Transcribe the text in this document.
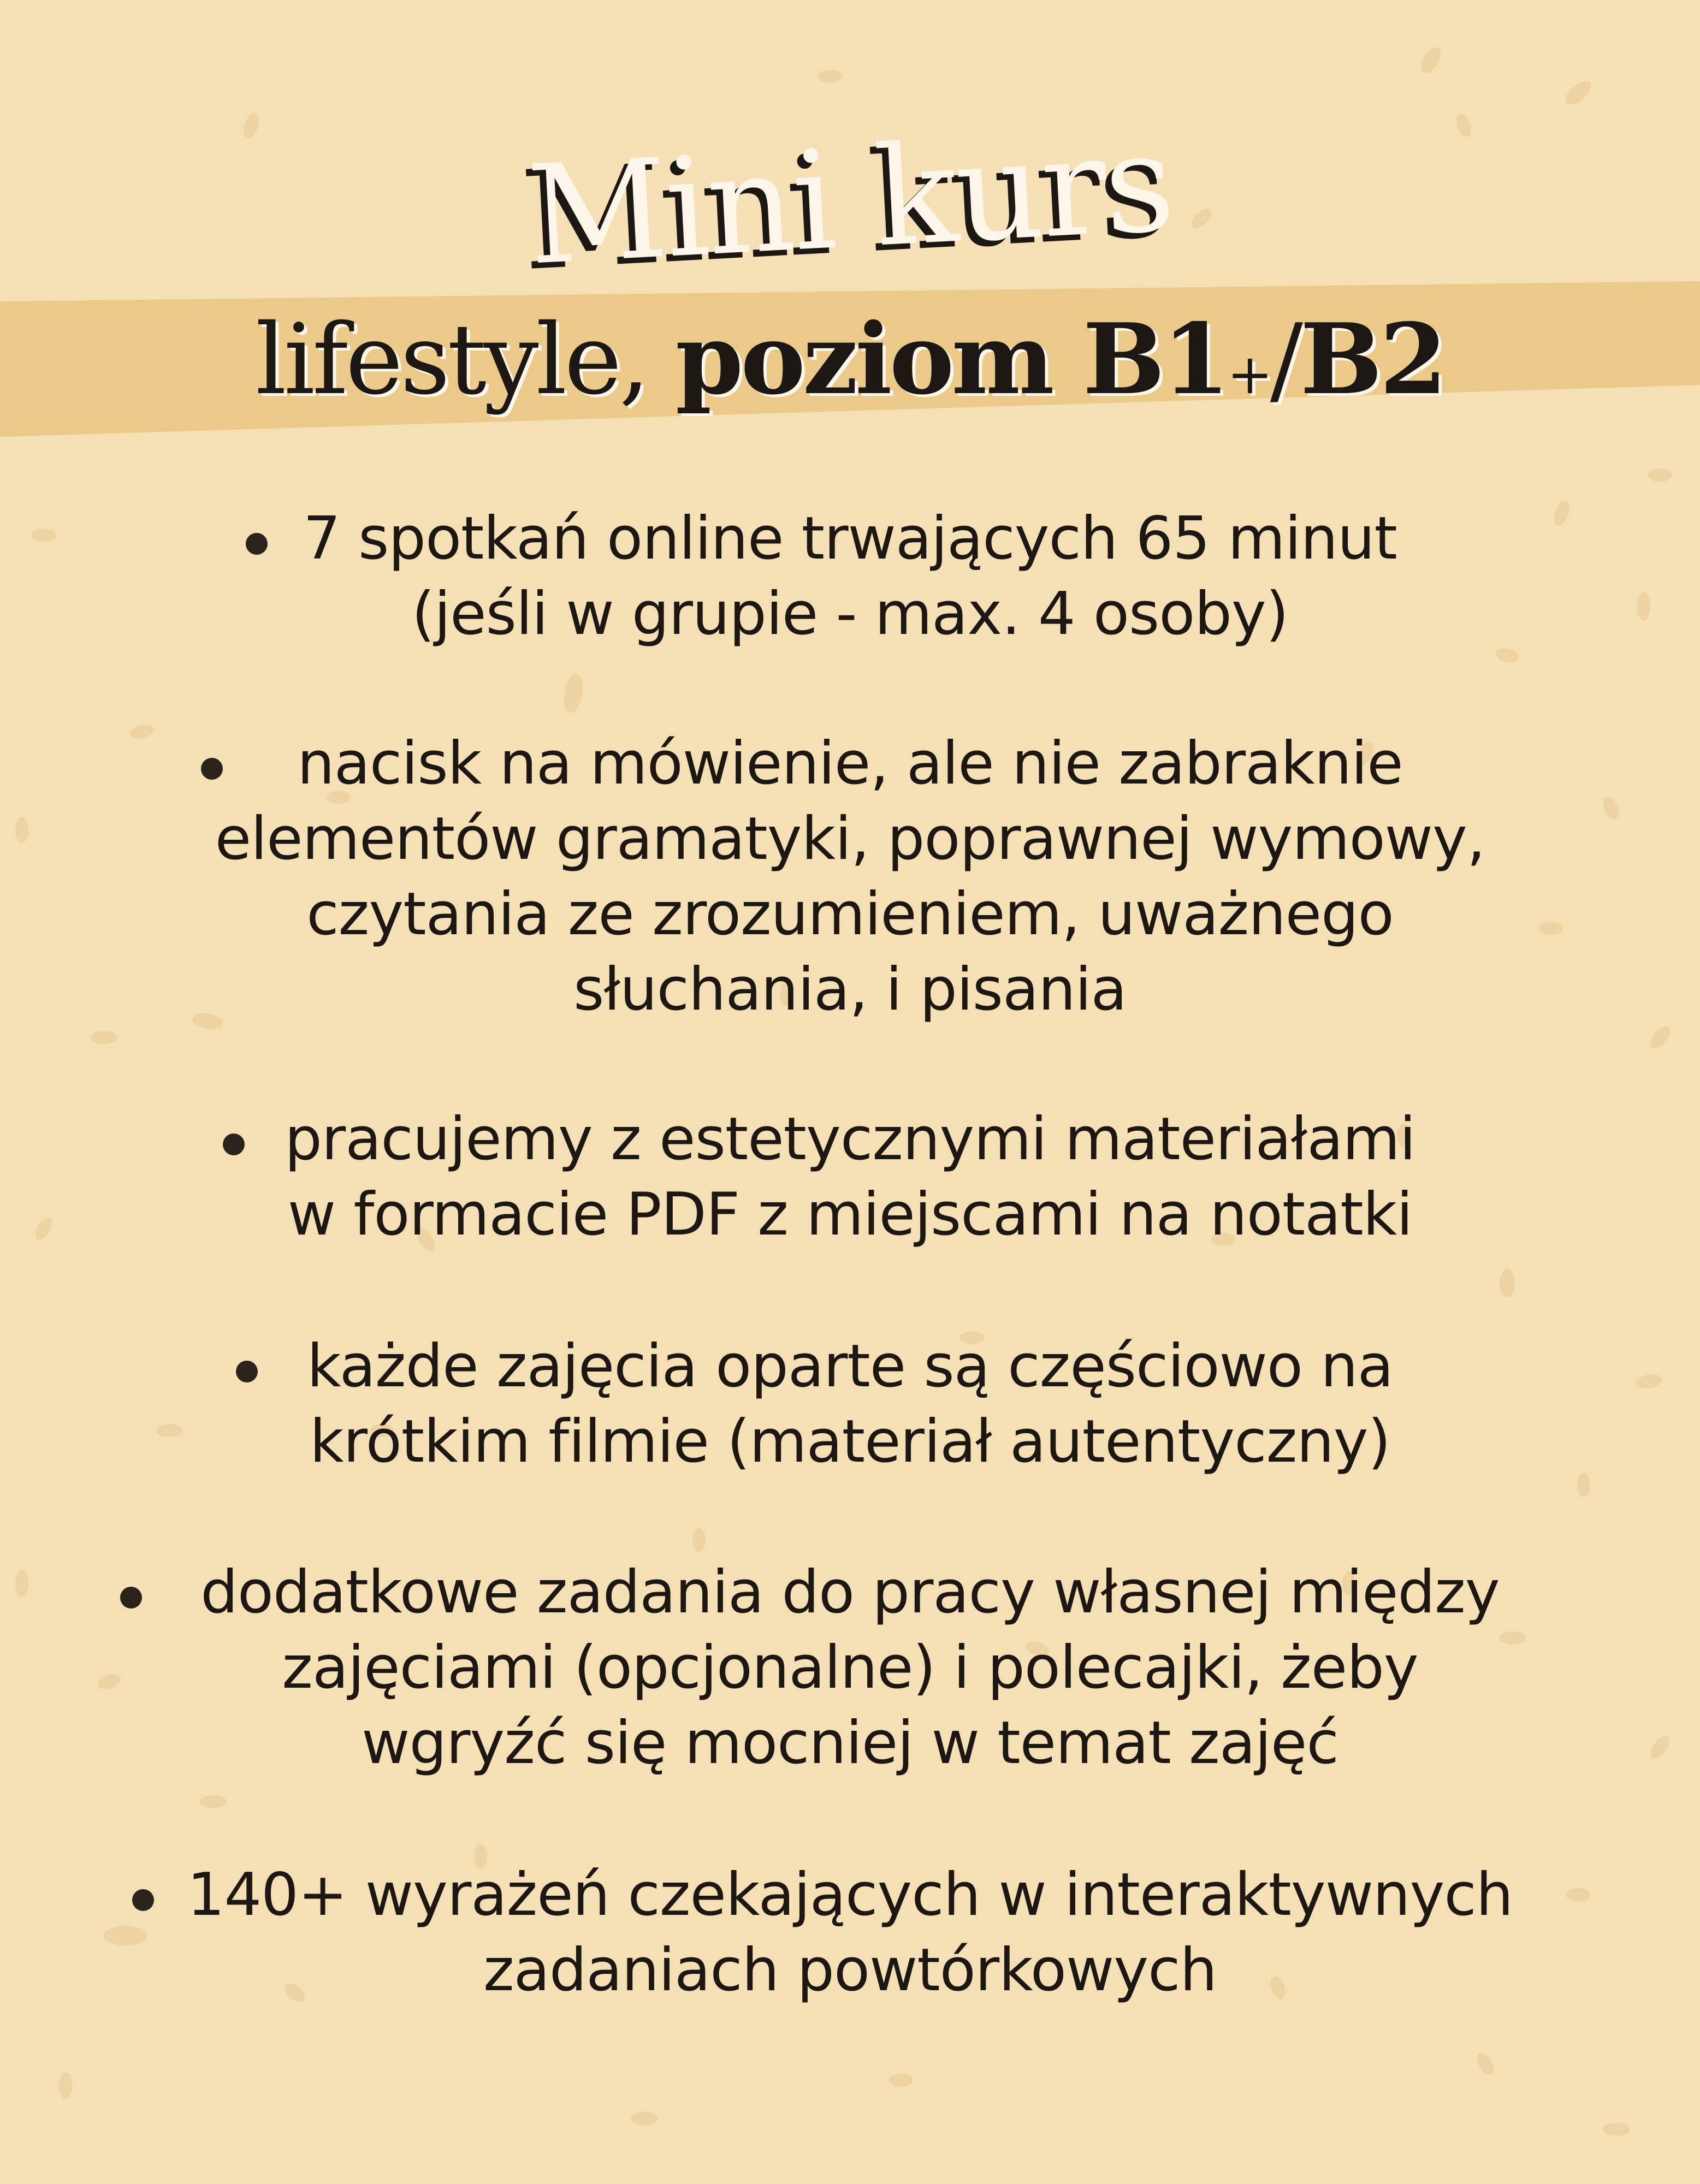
Mini kurs
lifestyle, poziom B1+/B2
7 spotkań online trwających 65 minut
(jeśli w grupie - max. 4 osoby)
nacisk na mówienie, ale nie zabraknie
elementów gramatyki, poprawnej wymowy,
czytania ze zrozumieniem, uważnego
słuchania, i pisania
pracujemy z estetycznymi materiałami
w formacie PDF z miejscami na notatki
każde zajęcia oparte są częściowo na
krótkim filmie (materiał autentyczny)
dodatkowe zadania do pracy własnej między
zajęciami (opcjonalne) i polecajki, żeby
wgryźć się mocniej w temat zajęć
140+ wyrażeń czekających w interaktywnych
zadaniach powtórkowych
